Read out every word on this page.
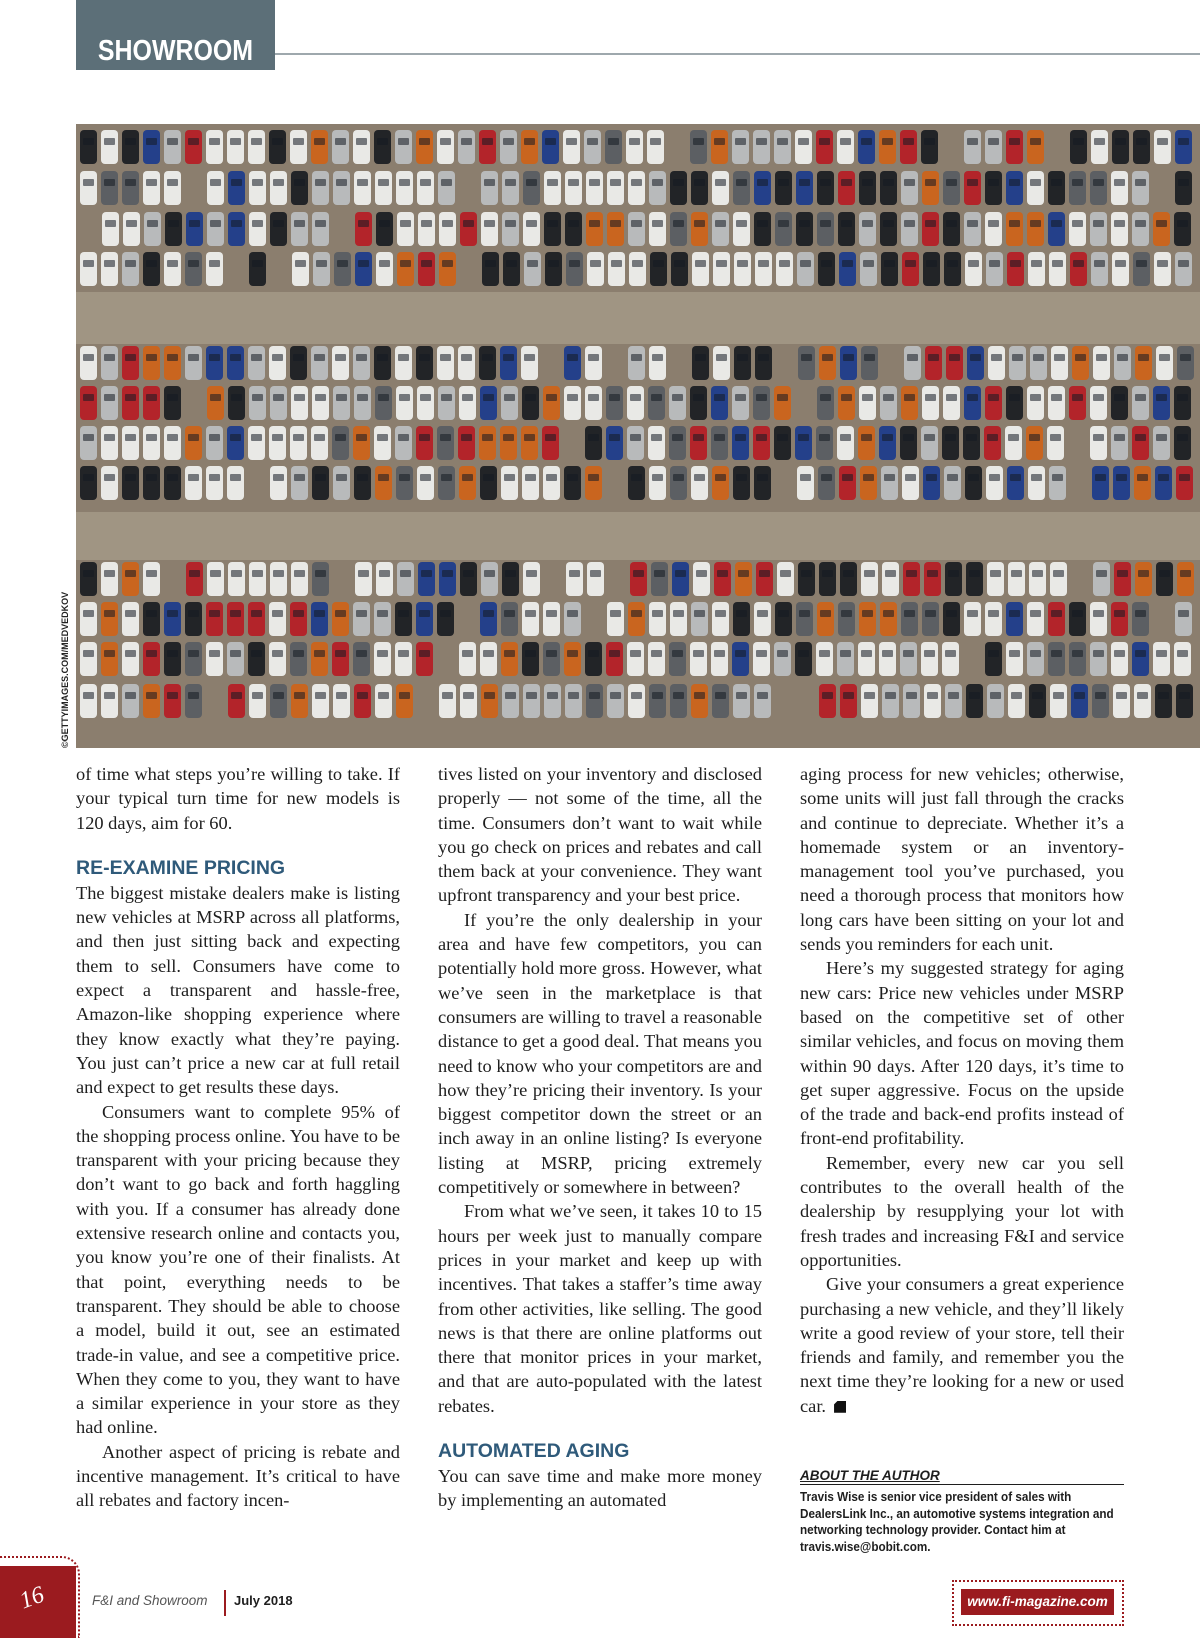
SHOWROOM
©GETTYIMAGES.COM/MEDVEDKOV

of time what steps you’re willing to take. If your typical turn time for new models is 120 days, aim for 60.

RE-EXAMINE PRICING

The biggest mistake dealers make is listing new vehicles at MSRP across all platforms, and then just sitting back and expecting them to sell. Consumers have come to expect a transparent and hassle-free, Amazon-like shopping experience where they know exactly what they’re paying. You just can’t price a new car at full retail and expect to get results these days.

Consumers want to complete 95% of the shopping process online. You have to be transparent with your pricing because they don’t want to go back and forth haggling with you. If a consumer has already done extensive research online and contacts you, you know you’re one of their finalists. At that point, everything needs to be transparent. They should be able to choose a model, build it out, see an estimated trade-in value, and see a competitive price. When they come to you, they want to have a similar experience in your store as they had online.

Another aspect of pricing is rebate and incentive management. It’s critical to have all rebates and factory incen-

tives listed on your inventory and disclosed properly — not some of the time, all the time. Consumers don’t want to wait while you go check on prices and rebates and call them back at your convenience. They want upfront transparency and your best price.

If you’re the only dealership in your area and have few competitors, you can potentially hold more gross. However, what we’ve seen in the marketplace is that consumers are willing to travel a reasonable distance to get a good deal. That means you need to know who your competitors are and how they’re pricing their inventory. Is your biggest competitor down the street or an inch away in an online listing? Is everyone listing at MSRP, pricing extremely competitively or somewhere in between?

From what we’ve seen, it takes 10 to 15 hours per week just to manually compare prices in your market and keep up with incentives. That takes a staffer’s time away from other activities, like selling. The good news is that there are online platforms out there that monitor prices in your market, and that are auto-populated with the latest rebates.

AUTOMATED AGING

You can save time and make more money by implementing an automated

aging process for new vehicles; otherwise, some units will just fall through the cracks and continue to depreciate. Whether it’s a homemade system or an inventory-management tool you’ve purchased, you need a thorough process that monitors how long cars have been sitting on your lot and sends you reminders for each unit.

Here’s my suggested strategy for aging new cars: Price new vehicles under MSRP based on the competitive set of other similar vehicles, and focus on moving them within 90 days. After 120 days, it’s time to get super aggressive. Focus on the upside of the trade and back-end profits instead of front-end profitability.

Remember, every new car you sell contributes to the overall health of the dealership by resupplying your lot with fresh trades and increasing F&I and service opportunities.

Give your consumers a great experience purchasing a new vehicle, and they’ll likely write a good review of your store, tell their friends and family, and remember you the next time they’re looking for a new or used car.

ABOUT THE AUTHOR
Travis Wise is senior vice president of sales with DealersLink Inc., an automotive systems integration and networking technology provider. Contact him at travis.wise@bobit.com.
16	F&I and Showroom July 2018	www.fi-magazine.com
